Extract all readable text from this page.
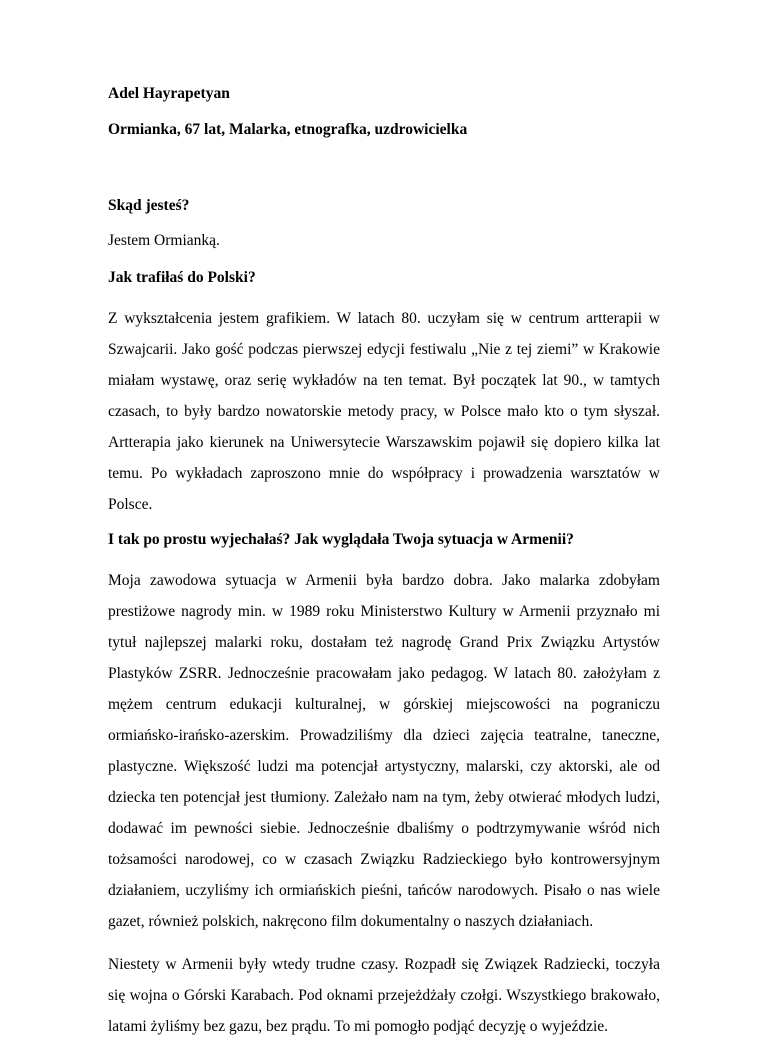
Adel Hayrapetyan

Ormianka, 67 lat, Malarka, etnografka, uzdrowicielka

Skąd jesteś?

Jestem Ormianką.

Jak trafiłaś do Polski?

Z wykształcenia jestem grafikiem. W latach 80. uczyłam się w centrum artterapii w Szwajcarii. Jako gość podczas pierwszej edycji festiwalu „Nie z tej ziemi” w Krakowie miałam wystawę, oraz serię wykładów na ten temat. Był początek lat 90., w tamtych czasach, to były bardzo nowatorskie metody pracy, w Polsce mało kto o tym słyszał. Artterapia jako kierunek na Uniwersytecie Warszawskim pojawił się dopiero kilka lat temu. Po wykładach zaproszono mnie do współpracy i prowadzenia warsztatów w Polsce.

I tak po prostu wyjechałaś? Jak wyglądała Twoja sytuacja w Armenii?

Moja zawodowa sytuacja w Armenii była bardzo dobra. Jako malarka zdobyłam prestiżowe nagrody min. w 1989 roku Ministerstwo Kultury w Armenii przyznało mi tytuł najlepszej malarki roku, dostałam też nagrodę Grand Prix Związku Artystów Plastyków ZSRR. Jednocześnie pracowałam jako pedagog. W latach 80. założyłam z mężem centrum edukacji kulturalnej, w górskiej miejscowości na pograniczu ormiańsko-irańsko-azerskim. Prowadziliśmy dla dzieci zajęcia teatralne, taneczne, plastyczne. Większość ludzi ma potencjał artystyczny, malarski, czy aktorski, ale od dziecka ten potencjał jest tłumiony. Zależało nam na tym, żeby otwierać młodych ludzi, dodawać im pewności siebie. Jednocześnie dbaliśmy o podtrzymywanie wśród nich tożsamości narodowej, co w czasach Związku Radzieckiego było kontrowersyjnym działaniem, uczyliśmy ich ormiańskich pieśni, tańców narodowych. Pisało o nas wiele gazet, również polskich, nakręcono film dokumentalny o naszych działaniach.

Niestety w Armenii były wtedy trudne czasy. Rozpadł się Związek Radziecki, toczyła się wojna o Górski Karabach. Pod oknami przejeżdżały czołgi. Wszystkiego brakowało, latami żyliśmy bez gazu, bez prądu. To mi pomogło podjąć decyzję o wyjeździe.
